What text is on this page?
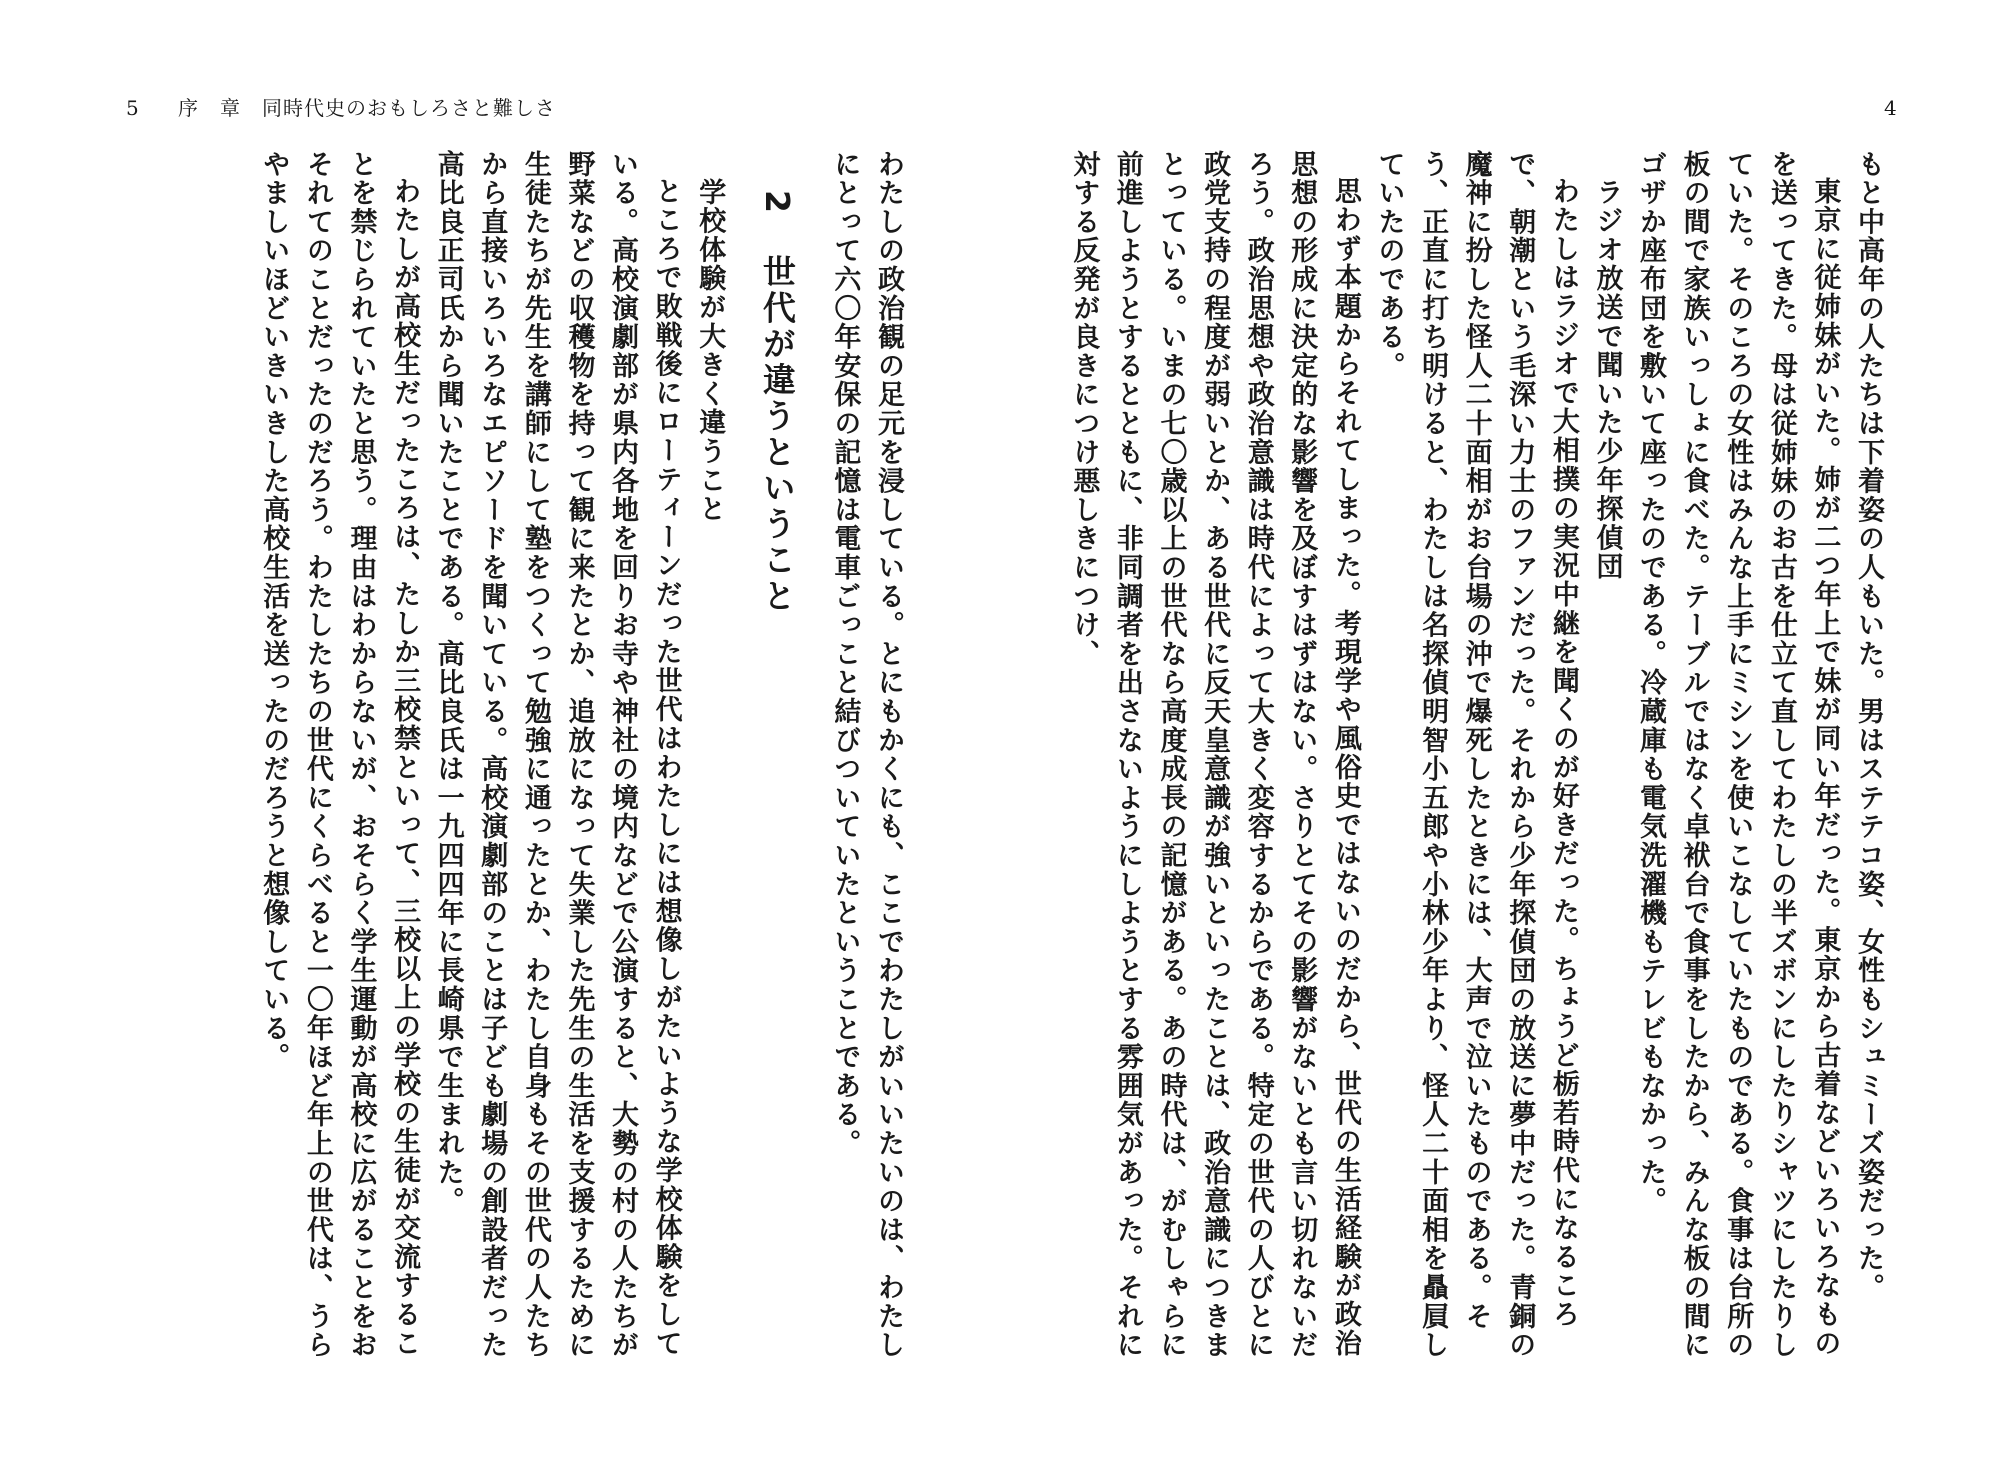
5 序　章　同時代史のおもしろさと難しさ	4

もと中高年の人たちは下着姿の人もいた。男はステテコ姿、女性もシュミーズ姿だった。

東京に従姉妹がいた。姉が二つ年上で妹が同い年だった。東京から古着などいろいろなものを送ってきた。母は従姉妹のお古を仕立て直してわたしの半ズボンにしたりシャツにしたりしていた。そのころの女性はみんな上手にミシンを使いこなしていたものである。食事は台所の板の間で家族いっしょに食べた。テーブルではなく卓袱台で食事をしたから、みんな板の間にゴザか座布団を敷いて座ったのである。冷蔵庫も電気洗濯機もテレビもなかった。

ラジオ放送で聞いた少年探偵団

わたしはラジオで大相撲の実況中継を聞くのが好きだった。ちょうど栃若時代になるころで、朝潮という毛深い力士のファンだった。それから少年探偵団の放送に夢中だった。青銅の魔神に扮した怪人二十面相がお台場の沖で爆死したときには、大声で泣いたものである。そう、正直に打ち明けると、わたしは名探偵明智小五郎や小林少年より、怪人二十面相を贔屓していたのである。

思わず本題からそれてしまった。考現学や風俗史ではないのだから、世代の生活経験が政治思想の形成に決定的な影響を及ぼすはずはない。さりとてその影響がないとも言い切れないだろう。政治思想や政治意識は時代によって大きく変容するからである。特定の世代の人びとに政党支持の程度が弱いとか、ある世代に反天皇意識が強いといったことは、政治意識につきまとっている。いまの七〇歳以上の世代なら高度成長の記憶がある。あの時代は、がむしゃらに前進しようとするとともに、非同調者を出さないようにしようとする雰囲気があった。それに対する反発が良きにつけ悪しきにつけ、

わたしの政治観の足元を浸している。とにもかくにも、ここでわたしがいいたいのは、わたしにとって六〇年安保の記憶は電車ごっこと結びついていたということである。

2 世代が違うということ
学校体験が大きく違うこと

ところで敗戦後にローティーンだった世代はわたしには想像しがたいような学校体験をしている。高校演劇部が県内各地を回りお寺や神社の境内などで公演すると、大勢の村の人たちが野菜などの収穫物を持って観に来たとか、追放になって失業した先生の生活を支援するために生徒たちが先生を講師にして塾をつくって勉強に通ったとか、わたし自身もその世代の人たちから直接いろいろなエピソードを聞いている。高校演劇部のことは子ども劇場の創設者だった高比良正司氏から聞いたことである。高比良氏は一九四四年に長崎県で生まれた。

わたしが高校生だったころは、たしか三校禁といって、三校以上の学校の生徒が交流することを禁じられていたと思う。理由はわからないが、おそらく学生運動が高校に広がることをおそれてのことだったのだろう。わたしたちの世代にくらべると一〇年ほど年上の世代は、うらやましいほどいきいきした高校生活を送ったのだろうと想像している。
